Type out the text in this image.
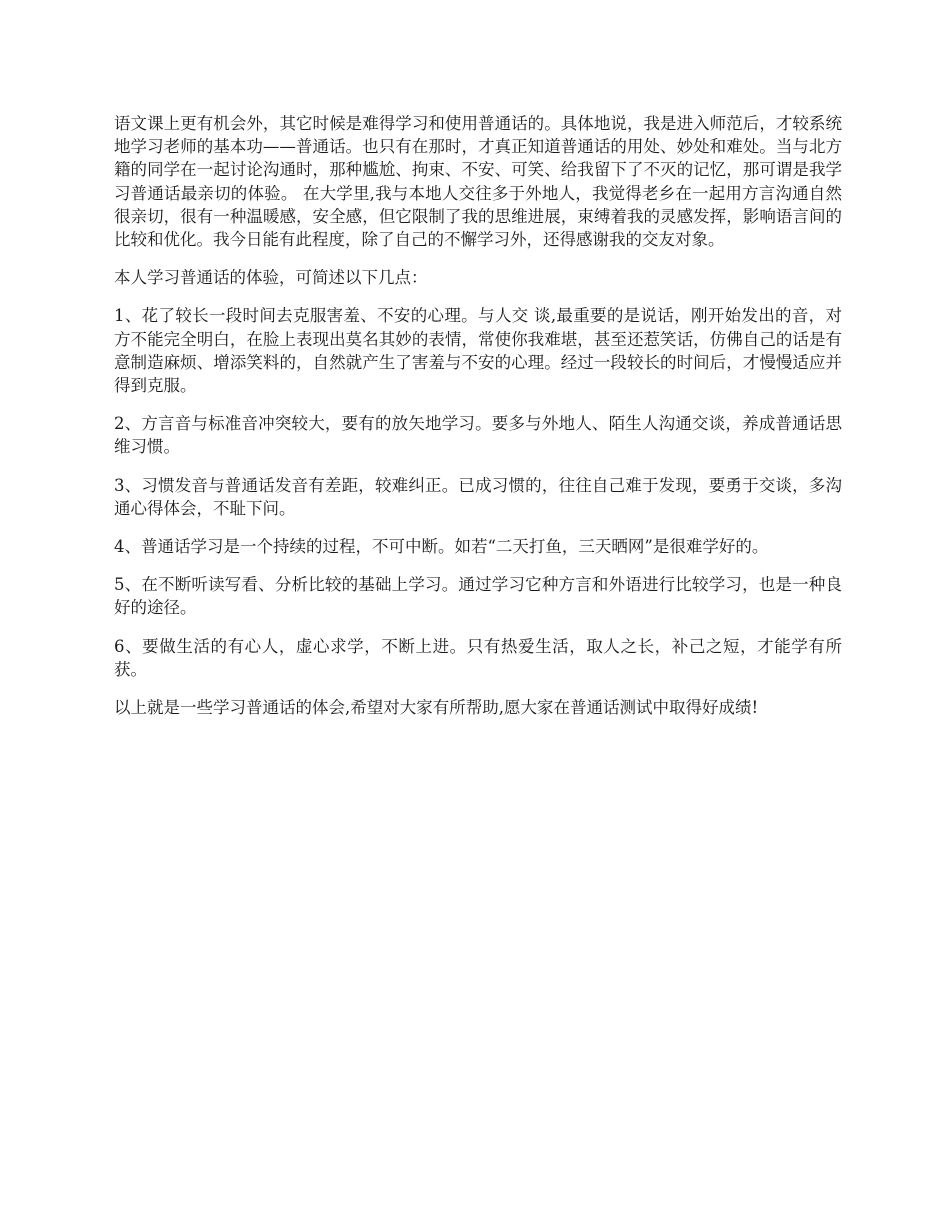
语文课上更有机会外，其它时候是难得学习和使用普通话的。具体地说，我是进入师范后，才较系统地学习老师的基本功——普通话。也只有在那时，才真正知道普通话的用处、妙处和难处。当与北方籍的同学在一起讨论沟通时，那种尴尬、拘束、不安、可笑、给我留下了不灭的记忆，那可谓是我学习普通话最亲切的体验。 在大学里,我与本地人交往多于外地人，我觉得老乡在一起用方言沟通自然很亲切，很有一种温暖感，安全感，但它限制了我的思维进展，束缚着我的灵感发挥，影响语言间的比较和优化。我今日能有此程度，除了自己的不懈学习外，还得感谢我的交友对象。

本人学习普通话的体验，可简述以下几点：

1、花了较长一段时间去克服害羞、不安的心理。与人交 谈,最重要的是说话，刚开始发出的音，对方不能完全明白，在脸上表现出莫名其妙的表情，常使你我难堪，甚至还惹笑话，仿佛自己的话是有意制造麻烦、增添笑料的，自然就产生了害羞与不安的心理。经过一段较长的时间后，才慢慢适应并得到克服。

2、方言音与标准音冲突较大，要有的放矢地学习。要多与外地人、陌生人沟通交谈，养成普通话思维习惯。

3、习惯发音与普通话发音有差距，较难纠正。已成习惯的，往往自己难于发现，要勇于交谈，多沟通心得体会，不耻下问。

4、普通话学习是一个持续的过程，不可中断。如若“二天打鱼，三天晒网”是很难学好的。

5、在不断听读写看、分析比较的基础上学习。通过学习它种方言和外语进行比较学习，也是一种良好的途径。

6、要做生活的有心人，虚心求学，不断上进。只有热爱生活，取人之长，补己之短，才能学有所获。

以上就是一些学习普通话的体会,希望对大家有所帮助,愿大家在普通话测试中取得好成绩!
